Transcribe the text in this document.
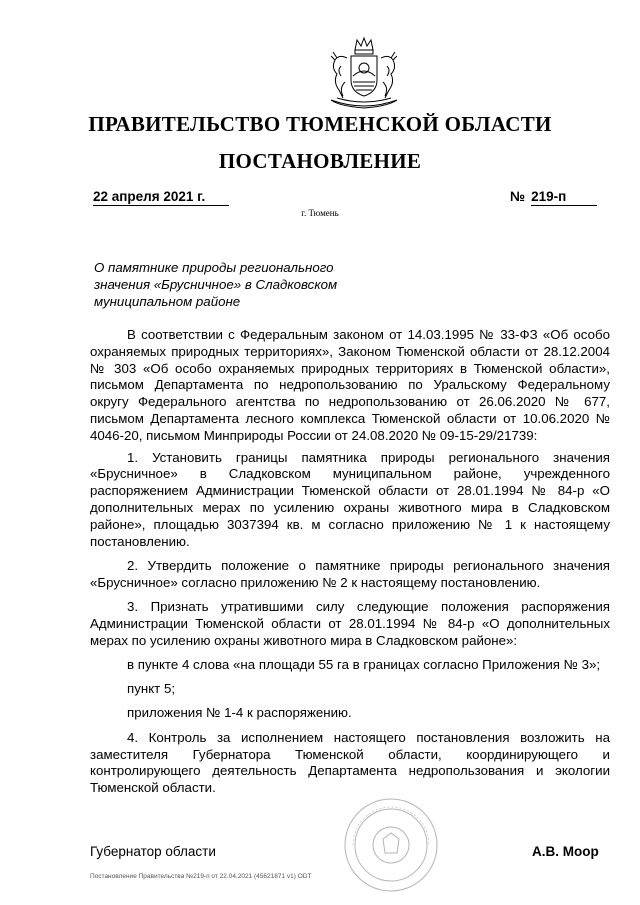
ПРАВИТЕЛЬСТВО ТЮМЕНСКОЙ ОБЛАСТИ
ПОСТАНОВЛЕНИЕ
22 апреля 2021 г.	№ 219-п
г. Тюмень
О памятнике природы регионального
значения «Брусничное» в Сладковском
муниципальном районе

В соответствии с Федеральным законом от 14.03.1995 № 33-ФЗ «Об особо охраняемых природных территориях», Законом Тюменской области от 28.12.2004 № 303 «Об особо охраняемых природных территориях в Тюменской области», письмом Департамента по недропользованию по Уральскому Федеральному округу Федерального агентства по недропользованию от 26.06.2020 № 677, письмом Департамента лесного комплекса Тюменской области от 10.06.2020 № 4046-20, письмом Минприроды России от 24.08.2020 № 09-15-29/21739:

1. Установить границы памятника природы регионального значения «Брусничное» в Сладковском муниципальном районе, учрежденного распоряжением Администрации Тюменской области от 28.01.1994 № 84-р «О дополнительных мерах по усилению охраны животного мира в Сладковском районе», площадью 3037394 кв. м согласно приложению № 1 к настоящему постановлению.

2. Утвердить положение о памятнике природы регионального значения «Брусничное» согласно приложению № 2 к настоящему постановлению.

3. Признать утратившими силу следующие положения распоряжения Администрации Тюменской области от 28.01.1994 № 84-р «О дополнительных мерах по усилению охраны животного мира в Сладковском районе»:

в пункте 4 слова «на площади 55 га в границах согласно Приложения № 3»;

пункт 5;

приложения № 1-4 к распоряжению.

4. Контроль за исполнением настоящего постановления возложить на заместителя Губернатора Тюменской области, координирующего и контролирующего деятельность Департамента недропользования и экологии Тюменской области.

Губернатор области	А.В. Моор
Постановление Правительства №219-п от 22.04.2021 (45621871 v1) ODT
